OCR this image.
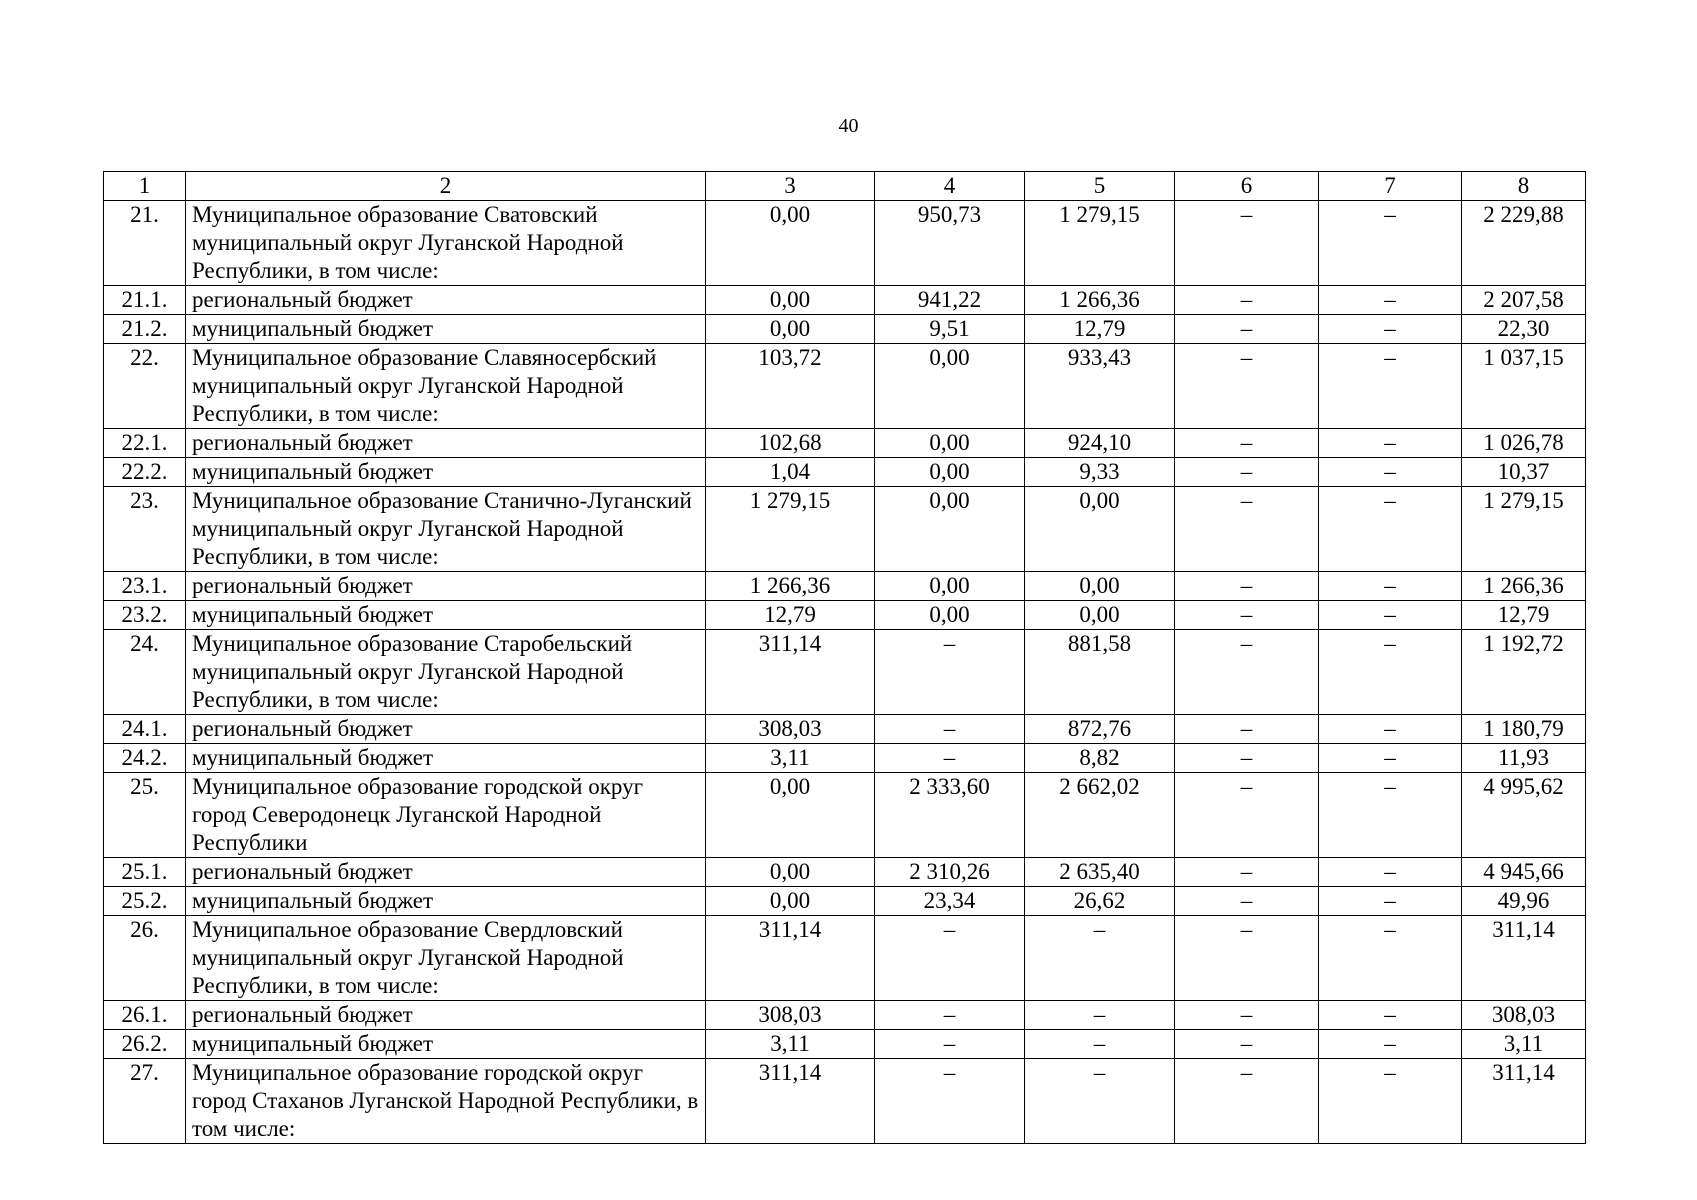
40
1	2	3	4	5	6	7	8
21.	Муниципальное образование Сватовский муниципальный округ Луганской Народной Республики, в том числе:	0,00	950,73	1 279,15	–	–	2 229,88
21.1.	региональный бюджет	0,00	941,22	1 266,36	–	–	2 207,58
21.2.	муниципальный бюджет	0,00	9,51	12,79	–	–	22,30
22.	Муниципальное образование Славяносербский муниципальный округ Луганской Народной Республики, в том числе:	103,72	0,00	933,43	–	–	1 037,15
22.1.	региональный бюджет	102,68	0,00	924,10	–	–	1 026,78
22.2.	муниципальный бюджет	1,04	0,00	9,33	–	–	10,37
23.	Муниципальное образование Станично-Луганский муниципальный округ Луганской Народной Республики, в том числе:	1 279,15	0,00	0,00	–	–	1 279,15
23.1.	региональный бюджет	1 266,36	0,00	0,00	–	–	1 266,36
23.2.	муниципальный бюджет	12,79	0,00	0,00	–	–	12,79
24.	Муниципальное образование Старобельский муниципальный округ Луганской Народной Республики, в том числе:	311,14	–	881,58	–	–	1 192,72
24.1.	региональный бюджет	308,03	–	872,76	–	–	1 180,79
24.2.	муниципальный бюджет	3,11	–	8,82	–	–	11,93
25.	Муниципальное образование городской округ город Северодонецк Луганской Народной Республики	0,00	2 333,60	2 662,02	–	–	4 995,62
25.1.	региональный бюджет	0,00	2 310,26	2 635,40	–	–	4 945,66
25.2.	муниципальный бюджет	0,00	23,34	26,62	–	–	49,96
26.	Муниципальное образование Свердловский муниципальный округ Луганской Народной Республики, в том числе:	311,14	–	–	–	–	311,14
26.1.	региональный бюджет	308,03	–	–	–	–	308,03
26.2.	муниципальный бюджет	3,11	–	–	–	–	3,11
27.	Муниципальное образование городской округ город Стаханов Луганской Народной Республики, в том числе:	311,14	–	–	–	–	311,14
